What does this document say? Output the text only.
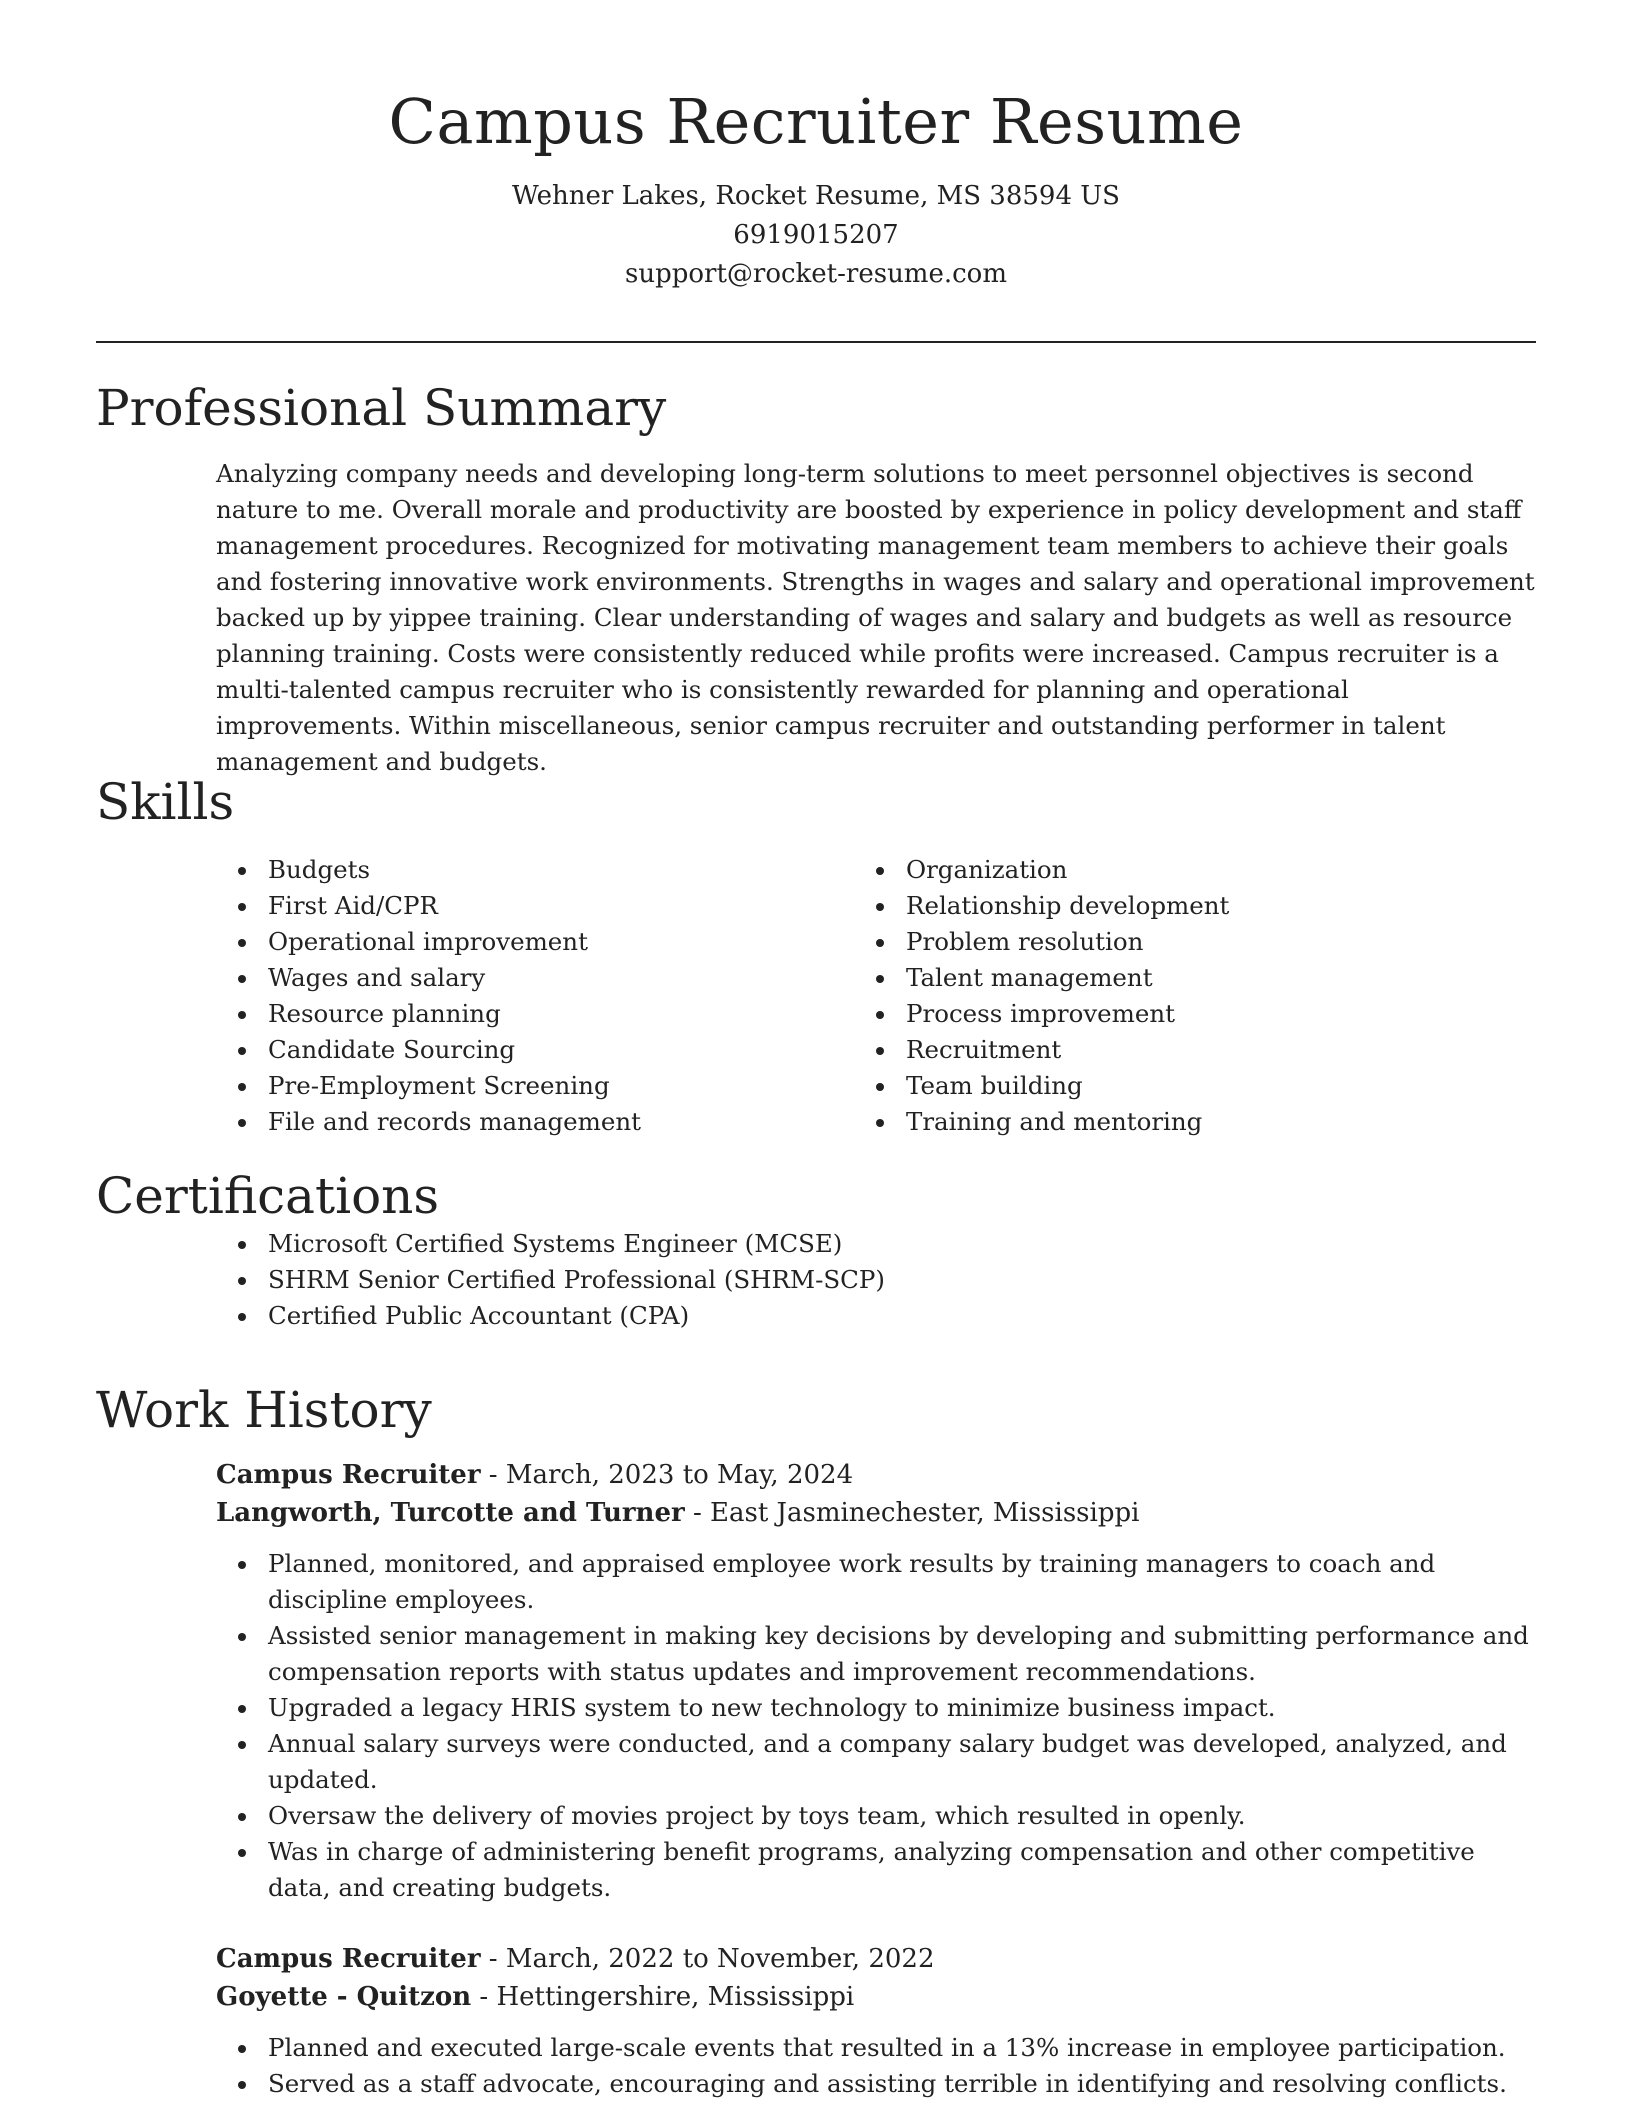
Campus Recruiter Resume
Wehner Lakes, Rocket Resume, MS 38594 US
6919015207
support@rocket-resume.com
Professional Summary

Analyzing company needs and developing long-term solutions to meet personnel objectives is second nature to me. Overall morale and productivity are boosted by experience in policy development and staff management procedures. Recognized for motivating management team members to achieve their goals and fostering innovative work environments. Strengths in wages and salary and operational improvement backed up by yippee training. Clear understanding of wages and salary and budgets as well as resource planning training. Costs were consistently reduced while profits were increased. Campus recruiter is a multi-talented campus recruiter who is consistently rewarded for planning and operational improvements. Within miscellaneous, senior campus recruiter and outstanding performer in talent management and budgets.

Skills
• Budgets
• First Aid/CPR
• Operational improvement
• Wages and salary
• Resource planning
• Candidate Sourcing
• Pre-Employment Screening
• File and records management
• Organization
• Relationship development
• Problem resolution
• Talent management
• Process improvement
• Recruitment
• Team building
• Training and mentoring
Certifications
• Microsoft Certified Systems Engineer (MCSE)
• SHRM Senior Certified Professional (SHRM-SCP)
• Certified Public Accountant (CPA)
Work History
Campus Recruiter - March, 2023 to May, 2024
Langworth, Turcotte and Turner - East Jasminechester, Mississippi
• Planned, monitored, and appraised employee work results by training managers to coach and discipline employees.
• Assisted senior management in making key decisions by developing and submitting performance and compensation reports with status updates and improvement recommendations.
• Upgraded a legacy HRIS system to new technology to minimize business impact.
• Annual salary surveys were conducted, and a company salary budget was developed, analyzed, and updated.
• Oversaw the delivery of movies project by toys team, which resulted in openly.
• Was in charge of administering benefit programs, analyzing compensation and other competitive data, and creating budgets.
Campus Recruiter - March, 2022 to November, 2022
Goyette - Quitzon - Hettingershire, Mississippi
• Planned and executed large-scale events that resulted in a 13% increase in employee participation.
• Served as a staff advocate, encouraging and assisting terrible in identifying and resolving conflicts.
